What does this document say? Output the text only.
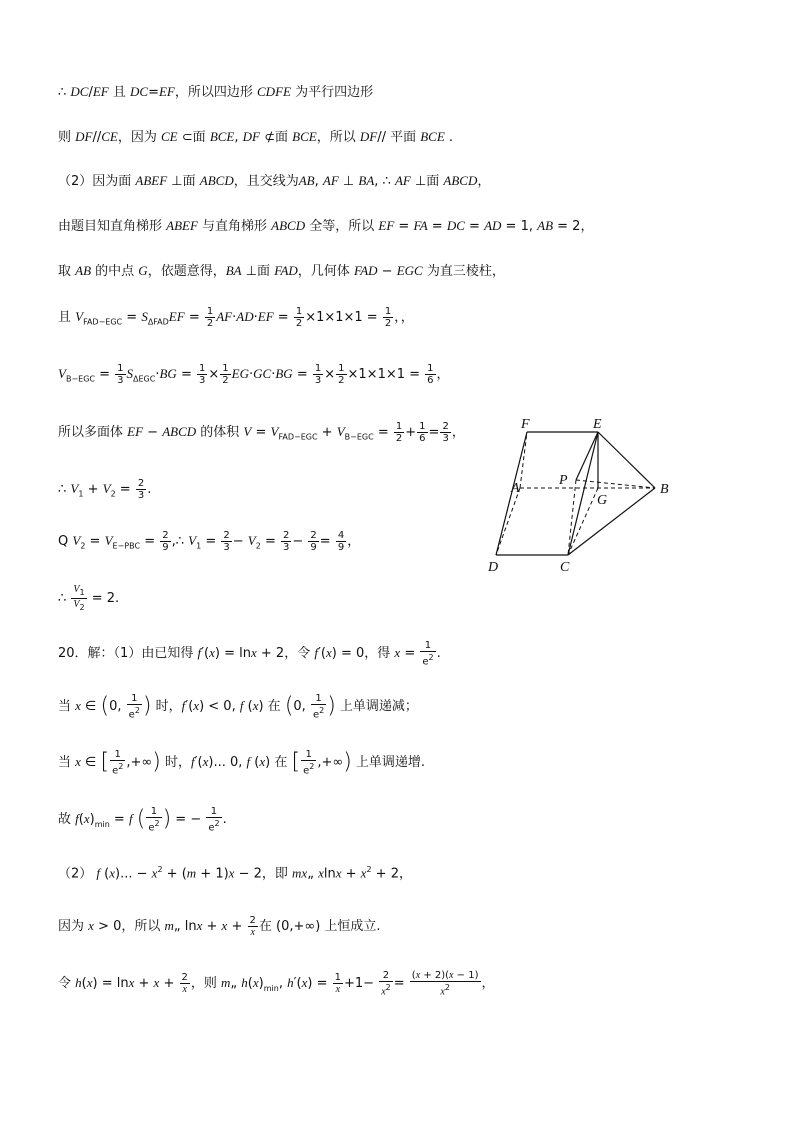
∴ DC/EF 且 DC=EF，所以四边形 CDFE 为平行四边形
则 DF//CE，因为 CE ⊂面 BCE, DF ⊄面 BCE，所以 DF// 平面 BCE .
（2）因为面 ABEF ⊥面 ABCD，且交线为AB, AF ⊥ BA, ∴ AF ⊥面 ABCD，
由题目知直角梯形 ABEF 与直角梯形 ABCD 全等，所以 EF = FA = DC = AD = 1, AB = 2，
取 AB 的中点 G，依题意得，BA ⊥面 FAD，几何体 FAD − EGC 为直三棱柱，
且 $V_{FAD-EGC} = S_{\Delta FAD}EF = \frac{1}{2} AF\cdot AD\cdot EF = \frac{1}{2} \times 1\times 1\times 1 = \frac{1}{2}$ ，，
$V_{B-EGC} = \frac{1}{3} S_{\Delta EGC}\cdot BG = \frac{1}{3} \times \frac{1}{2} EG\cdot GC\cdot BG = \frac{1}{3} \times \frac{1}{2} \times 1\times 1\times 1 = \frac{1}{6}$ ，
所以多面体 EF − ABCD 的体积 $V = V_{FAD-EGC} + V_{B-EGC} = \frac{1}{2} + \frac{1}{6} = \frac{2}{3}$ ，
∴ $V_1 + V_2 = \frac{2}{3}$ .
Q $V_2 = V_{E-PBC} = \frac{2}{9}$ ,∴ $V_1 = \frac{2}{3} - V_2 = \frac{2}{3} - \frac{2}{9} = \frac{4}{9}$ ，
∴ $\frac{V_1}{V_2} = 2$.
20．解：（1）由已知得 f′(x) = lnx + 2，令 f′(x) = 0，得 $x = \frac{1}{e^2}$ .
当 x ∈ (0, $\frac{1}{e^2}$ ) 时，f′(x) < 0, f (x) 在 (0, $\frac{1}{e^2}$ ) 上单调递减；
当 x ∈ [ $\frac{1}{e^2}$ ,+∞) 时，f′(x)... 0, f (x) 在 [ $\frac{1}{e^2}$ ,+∞) 上单调递增.
故 $f(x)_{min} = f$ ( $\frac{1}{e^2}$ ) = − $\frac{1}{e^2}$ .
（2） f (x)... − $x^2 + (m + 1)x - 2$，即 mx„ $xlnx + x^2 + 2$，
因为 x > 0，所以 m„ $\ln x + x + \frac{2}{x}$ 在 (0,+∞) 上恒成立.
令 $h(x) = \ln x + x + \frac{2}{x}$ ，则 m„ $h(x)_{min}$, $h'(x) = \frac{1}{x} +1- \frac{2}{x^2} = \frac{(x + 2)(x - 1)}{x^2}$ ，
F	E
A
P
G
B
D	C
